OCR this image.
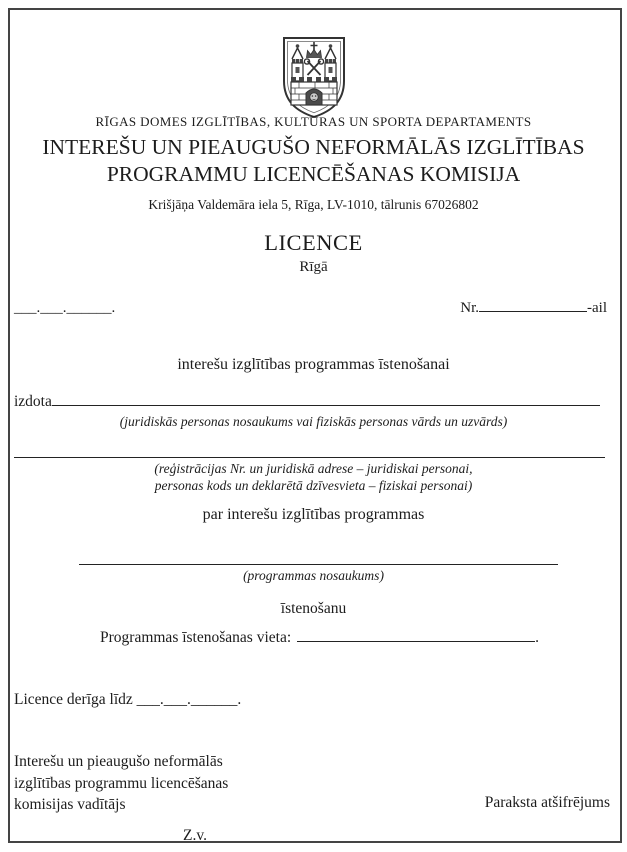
RĪGAS DOMES IZGLĪTĪBAS, KULTŪRAS UN SPORTA DEPARTAMENTS
INTEREŠU UN PIEAUGUŠO NEFORMĀLĀS IZGLĪTĪBAS
PROGRAMMU LICENCĒŠANAS KOMISIJA
Krišjāņa Valdemāra iela 5, Rīga, LV-1010, tālrunis 67026802
LICENCE
Rīgā
___.___.______.	Nr.	-ail
interešu izglītības programmas īstenošanai
izdota
(juridiskās personas nosaukums vai fiziskās personas vārds un uzvārds)
(reģistrācijas Nr. un juridiskā adrese – juridiskai personai,
personas kods un deklarētā dzīvesvieta – fiziskai personai)
par interešu izglītības programmas
(programmas nosaukums)
īstenošanu
Programmas īstenošanas vieta:	.
Licence derīga līdz ___.___.______.
Interešu un pieaugušo neformālās
izglītības programmu licencēšanas
komisijas vadītājs	Paraksta atšifrējums
Z.v.
